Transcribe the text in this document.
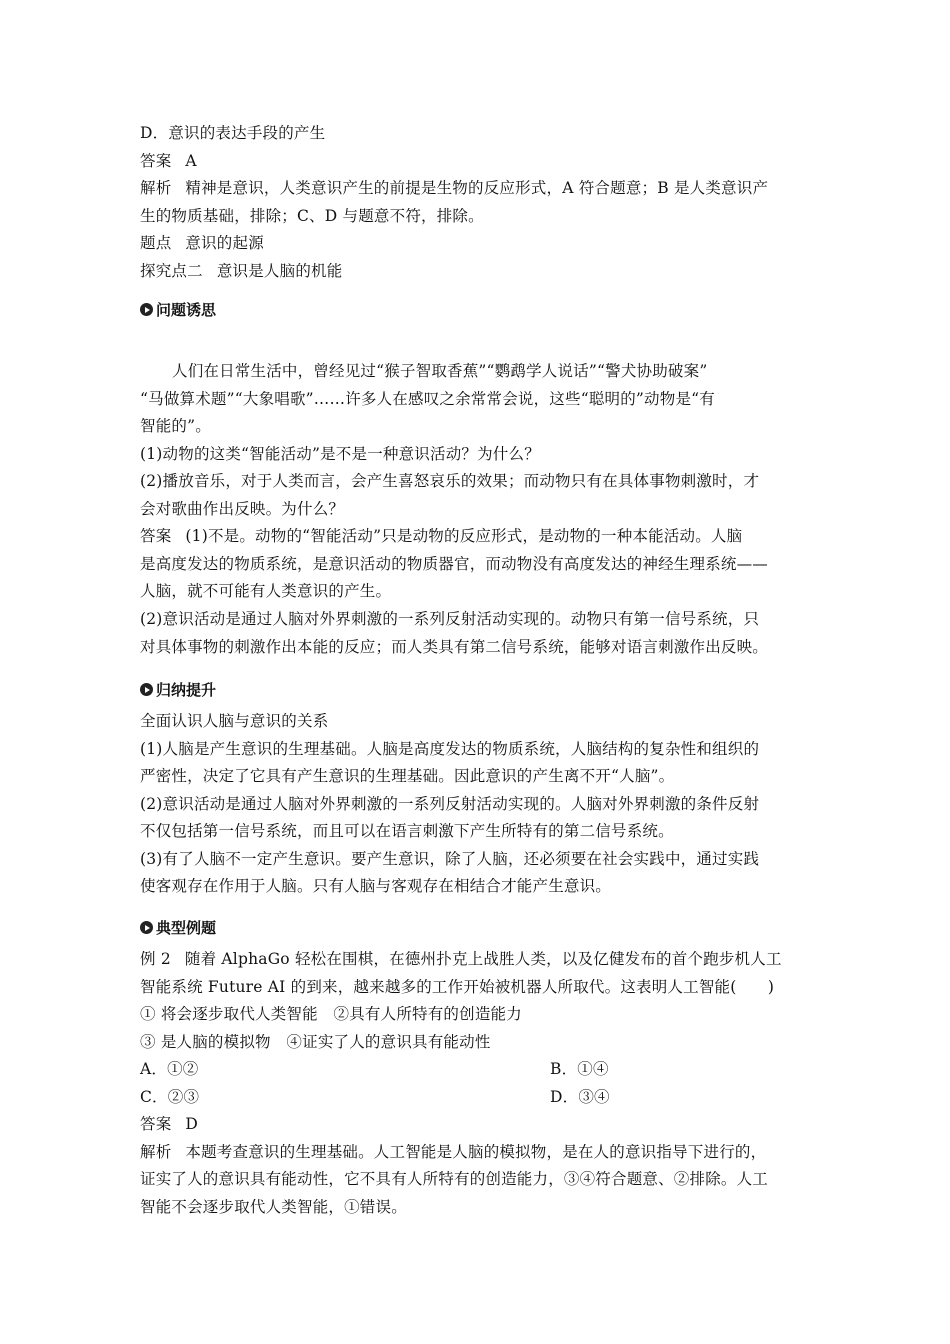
D．意识的表达手段的产生
答案 A
解析 精神是意识，人类意识产生的前提是生物的反应形式，A 符合题意；B 是人类意识产
生的物质基础，排除；C、D 与题意不符，排除。
题点 意识的起源
探究点二 意识是人脑的机能
问题诱思
人们在日常生活中，曾经见过“猴子智取香蕉”“鹦鹉学人说话”“警犬协助破案”
“马做算术题”“大象唱歌”……许多人在感叹之余常常会说，这些“聪明的”动物是“有
智能的”。
(1)动物的这类“智能活动”是不是一种意识活动？为什么？
(2)播放音乐，对于人类而言，会产生喜怒哀乐的效果；而动物只有在具体事物刺激时，才
会对歌曲作出反映。为什么？
答案 (1)不是。动物的“智能活动”只是动物的反应形式，是动物的一种本能活动。人脑
是高度发达的物质系统，是意识活动的物质器官，而动物没有高度发达的神经生理系统——
人脑，就不可能有人类意识的产生。
(2)意识活动是通过人脑对外界刺激的一系列反射活动实现的。动物只有第一信号系统，只
对具体事物的刺激作出本能的反应；而人类具有第二信号系统，能够对语言刺激作出反映。
归纳提升
全面认识人脑与意识的关系
(1)人脑是产生意识的生理基础。人脑是高度发达的物质系统，人脑结构的复杂性和组织的
严密性，决定了它具有产生意识的生理基础。因此意识的产生离不开“人脑”。
(2)意识活动是通过人脑对外界刺激的一系列反射活动实现的。人脑对外界刺激的条件反射
不仅包括第一信号系统，而且可以在语言刺激下产生所特有的第二信号系统。
(3)有了人脑不一定产生意识。要产生意识，除了人脑，还必须要在社会实践中，通过实践
使客观存在作用于人脑。只有人脑与客观存在相结合才能产生意识。
典型例题
例 2 随着 AlphaGo 轻松在围棋，在德州扑克上战胜人类，以及亿健发布的首个跑步机人工
智能系统 Future AI 的到来，越来越多的工作开始被机器人所取代。这表明人工智能(　　)
① 将会逐步取代人类智能　②具有人所特有的创造能力
③ 是人脑的模拟物　④证实了人的意识具有能动性
A．①②	B．①④
C．②③	D．③④
答案 D
解析 本题考查意识的生理基础。人工智能是人脑的模拟物，是在人的意识指导下进行的，
证实了人的意识具有能动性，它不具有人所特有的创造能力，③④符合题意、②排除。人工
智能不会逐步取代人类智能，①错误。
